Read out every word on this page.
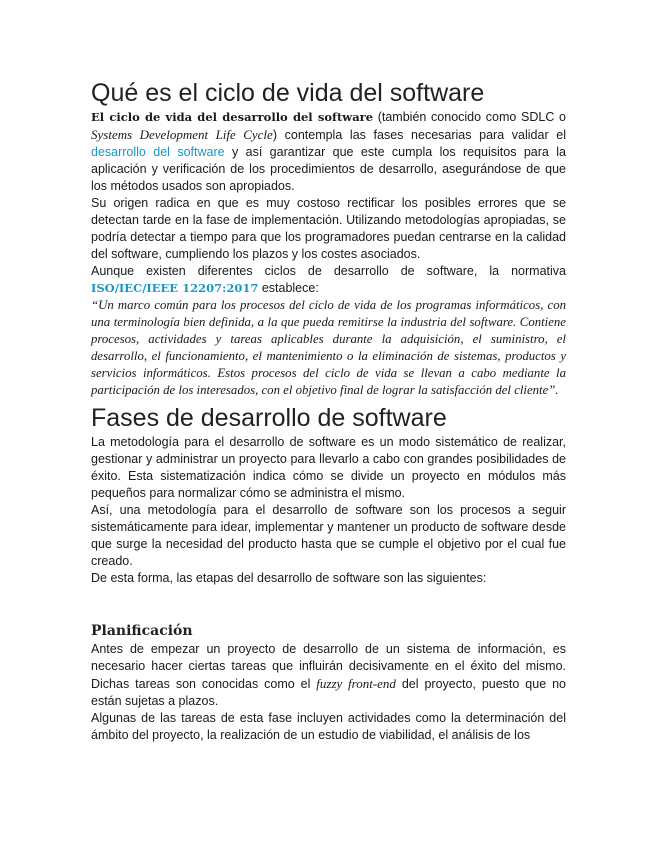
Qué es el ciclo de vida del software

El ciclo de vida del desarrollo del software (también conocido como SDLC o Systems Development Life Cycle) contempla las fases necesarias para validar el desarrollo del software y así garantizar que este cumpla los requisitos para la aplicación y verificación de los procedimientos de desarrollo, asegurándose de que los métodos usados son apropiados.

Su origen radica en que es muy costoso rectificar los posibles errores que se detectan tarde en la fase de implementación. Utilizando metodologías apropiadas, se podría detectar a tiempo para que los programadores puedan centrarse en la calidad del software, cumpliendo los plazos y los costes asociados.

Aunque existen diferentes ciclos de desarrollo de software, la normativa ISO/IEC/IEEE 12207:2017 establece:

“Un marco común para los procesos del ciclo de vida de los programas informáticos, con una terminología bien definida, a la que pueda remitirse la industria del software. Contiene procesos, actividades y tareas aplicables durante la adquisición, el suministro, el desarrollo, el funcionamiento, el mantenimiento o la eliminación de sistemas, productos y servicios informáticos. Estos procesos del ciclo de vida se llevan a cabo mediante la participación de los interesados, con el objetivo final de lograr la satisfacción del cliente”.

Fases de desarrollo de software

La metodología para el desarrollo de software es un modo sistemático de realizar, gestionar y administrar un proyecto para llevarlo a cabo con grandes posibilidades de éxito. Esta sistematización indica cómo se divide un proyecto en módulos más pequeños para normalizar cómo se administra el mismo.

Así, una metodología para el desarrollo de software son los procesos a seguir sistemáticamente para idear, implementar y mantener un producto de software desde que surge la necesidad del producto hasta que se cumple el objetivo por el cual fue creado.

De esta forma, las etapas del desarrollo de software son las siguientes:

Planificación

Antes de empezar un proyecto de desarrollo de un sistema de información, es necesario hacer ciertas tareas que influirán decisivamente en el éxito del mismo. Dichas tareas son conocidas como el fuzzy front-end del proyecto, puesto que no están sujetas a plazos.

Algunas de las tareas de esta fase incluyen actividades como la determinación del ámbito del proyecto, la realización de un estudio de viabilidad, el análisis de los
